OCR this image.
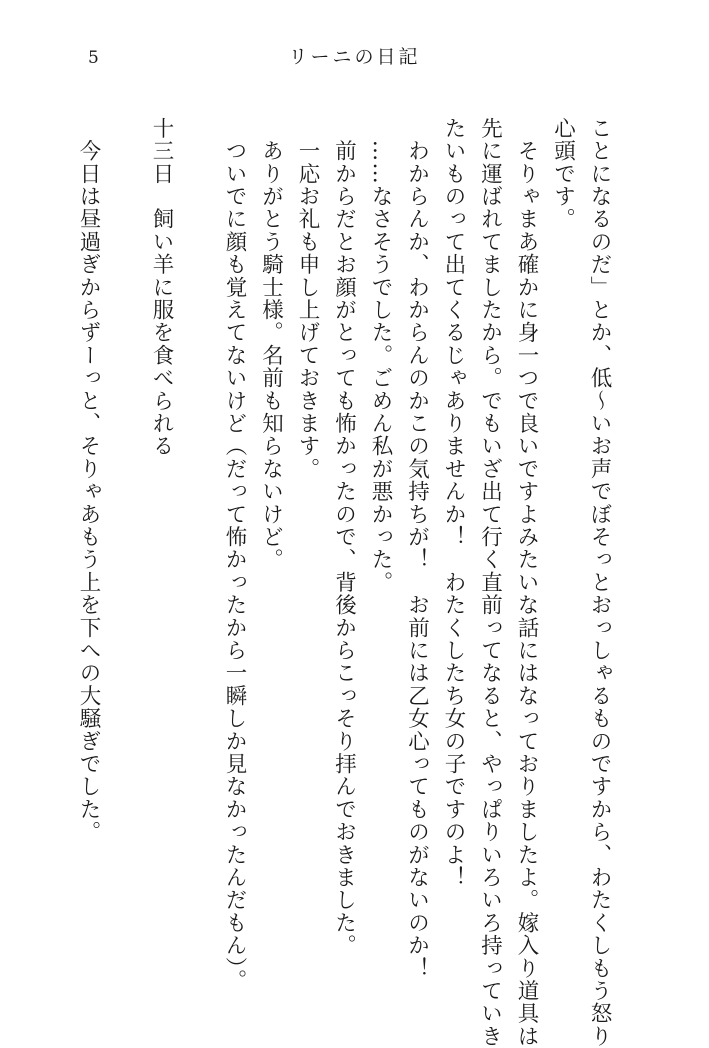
5	リーニの日記

ことになるのだ」とか、低～いお声でぼそっとおっしゃるものですから、わたくしもう怒り

心頭です。

　そりゃまあ確かに身一つで良いですよみたいな話にはなっておりましたよ。嫁入り道具は

先に運ばれてましたから。でもいざ出て行く直前ってなると、やっぱりいろいろ持っていき

たいものって出てくるじゃありませんか！　わたくしたち女の子ですのよ！

　わからんか、わからんのかこの気持ちが！　お前には乙女心ってものがないのか！

　……なさそうでした。ごめん私が悪かった。

　前からだとお顔がとっても怖かったので、背後からこっそり拝んでおきました。

　一応お礼も申し上げておきます。

　ありがとう騎士様。名前も知らないけど。

　ついでに顔も覚えてないけど（だって怖かったから一瞬しか見なかったんだもん）。

十三日　飼い羊に服を食べられる

　今日は昼過ぎからずーっと、そりゃあもう上を下への大騒ぎでした。
